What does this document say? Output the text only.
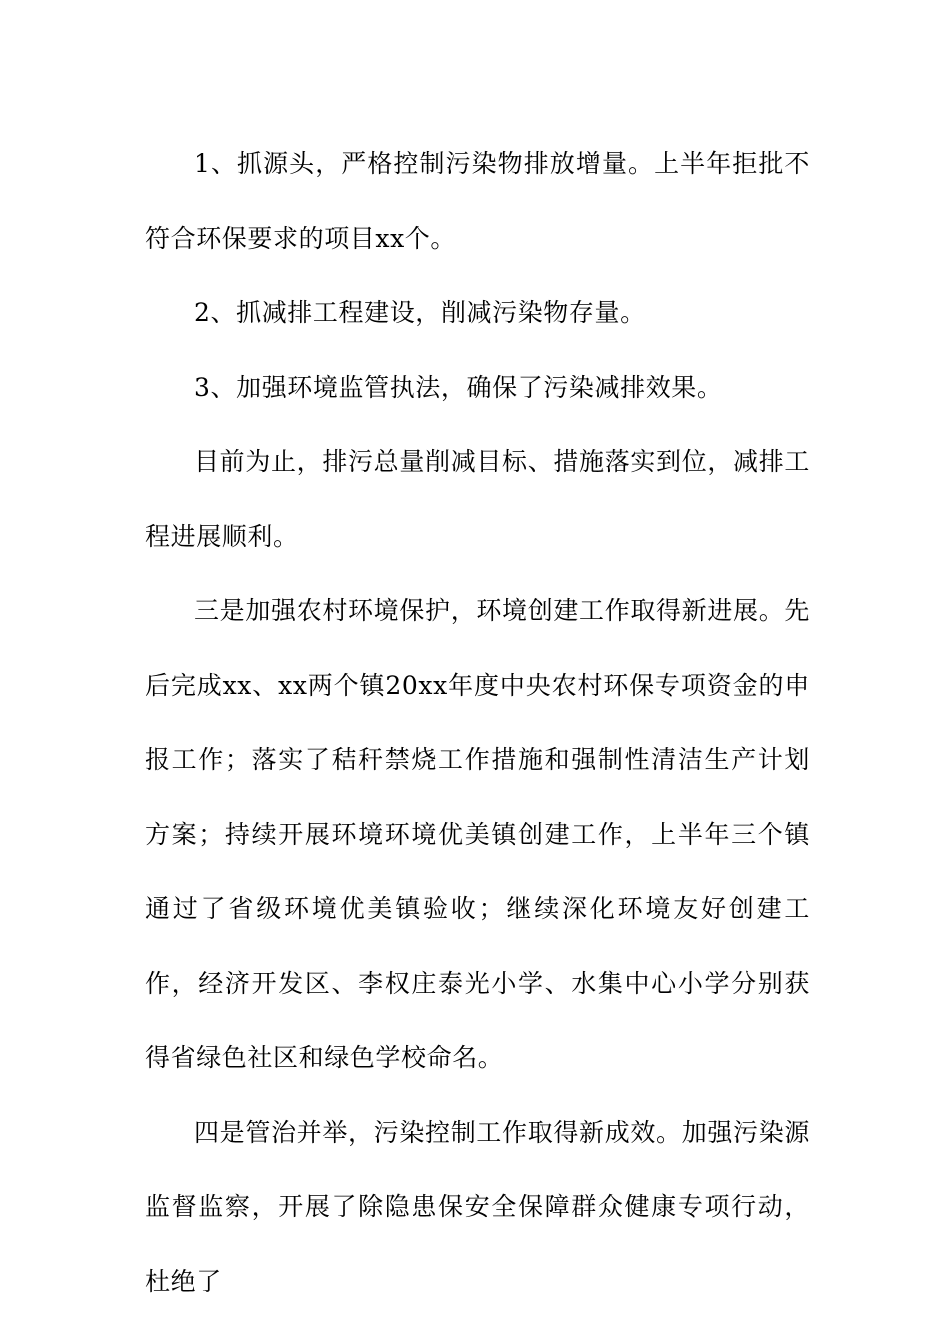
1、抓源头，严格控制污染物排放增量。上半年拒批不符合环保要求的项目xx个。

2、抓减排工程建设，削减污染物存量。

3、加强环境监管执法，确保了污染减排效果。

目前为止，排污总量削减目标、措施落实到位，减排工程进展顺利。

三是加强农村环境保护，环境创建工作取得新进展。先后完成xx、xx两个镇20xx年度中央农村环保专项资金的申报工作；落实了秸秆禁烧工作措施和强制性清洁生产计划方案；持续开展环境环境优美镇创建工作，上半年三个镇通过了省级环境优美镇验收；继续深化环境友好创建工作，经济开发区、李权庄泰光小学、水集中心小学分别获得省绿色社区和绿色学校命名。

四是管治并举，污染控制工作取得新成效。加强污染源监督监察，开展了除隐患保安全保障群众健康专项行动，杜绝了
